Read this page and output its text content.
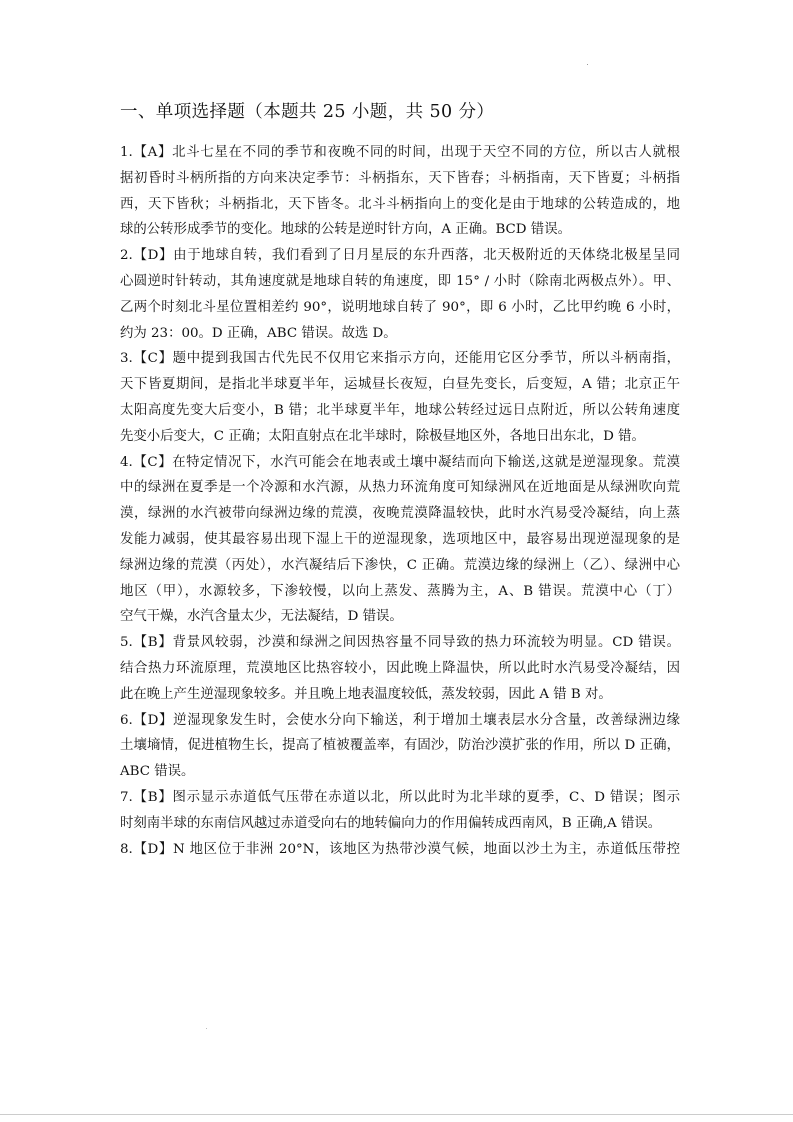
一、单项选择题（本题共 25 小题，共 50 分）
1.【A】北斗七星在不同的季节和夜晚不同的时间，出现于天空不同的方位，所以古人就根
据初昏时斗柄所指的方向来决定季节：斗柄指东，天下皆春；斗柄指南，天下皆夏；斗柄指
西，天下皆秋；斗柄指北，天下皆冬。北斗斗柄指向上的变化是由于地球的公转造成的，地
球的公转形成季节的变化。地球的公转是逆时针方向，A 正确。BCD 错误。
2.【D】由于地球自转，我们看到了日月星辰的东升西落，北天极附近的天体绕北极星呈同
心圆逆时针转动，其角速度就是地球自转的角速度，即 15° / 小时（除南北两极点外）。甲、
乙两个时刻北斗星位置相差约 90°，说明地球自转了 90°，即 6 小时，乙比甲约晚 6 小时，
约为 23：00。D 正确，ABC 错误。故选 D。
3.【C】题中提到我国古代先民不仅用它来指示方向，还能用它区分季节，所以斗柄南指，
天下皆夏期间，是指北半球夏半年，运城昼长夜短，白昼先变长，后变短，A 错；北京正午
太阳高度先变大后变小，B 错；北半球夏半年，地球公转经过远日点附近，所以公转角速度
先变小后变大，C 正确；太阳直射点在北半球时，除极昼地区外，各地日出东北，D 错。
4.【C】在特定情况下，水汽可能会在地表或土壤中凝结而向下输送,这就是逆湿现象。荒漠
中的绿洲在夏季是一个冷源和水汽源，从热力环流角度可知绿洲风在近地面是从绿洲吹向荒
漠，绿洲的水汽被带向绿洲边缘的荒漠，夜晚荒漠降温较快，此时水汽易受冷凝结，向上蒸
发能力减弱，使其最容易出现下湿上干的逆湿现象，选项地区中，最容易出现逆湿现象的是
绿洲边缘的荒漠（丙处），水汽凝结后下渗快，C 正确。荒漠边缘的绿洲上（乙）、绿洲中心
地区（甲），水源较多，下渗较慢，以向上蒸发、蒸腾为主，A、B 错误。荒漠中心（丁）
空气干燥，水汽含量太少，无法凝结，D 错误。
5.【B】背景风较弱，沙漠和绿洲之间因热容量不同导致的热力环流较为明显。CD 错误。
结合热力环流原理，荒漠地区比热容较小，因此晚上降温快，所以此时水汽易受冷凝结，因
此在晚上产生逆湿现象较多。并且晚上地表温度较低，蒸发较弱，因此 A 错 B 对。
6.【D】逆湿现象发生时，会使水分向下输送，利于增加土壤表层水分含量，改善绿洲边缘
土壤墒情，促进植物生长，提高了植被覆盖率，有固沙，防治沙漠扩张的作用，所以 D 正确，
ABC 错误。
7.【B】图示显示赤道低气压带在赤道以北，所以此时为北半球的夏季，C、D 错误；图示
时刻南半球的东南信风越过赤道受向右的地转偏向力的作用偏转成西南风，B 正确,A 错误。
8.【D】N 地区位于非洲 20°N，该地区为热带沙漠气候，地面以沙土为主，赤道低压带控
